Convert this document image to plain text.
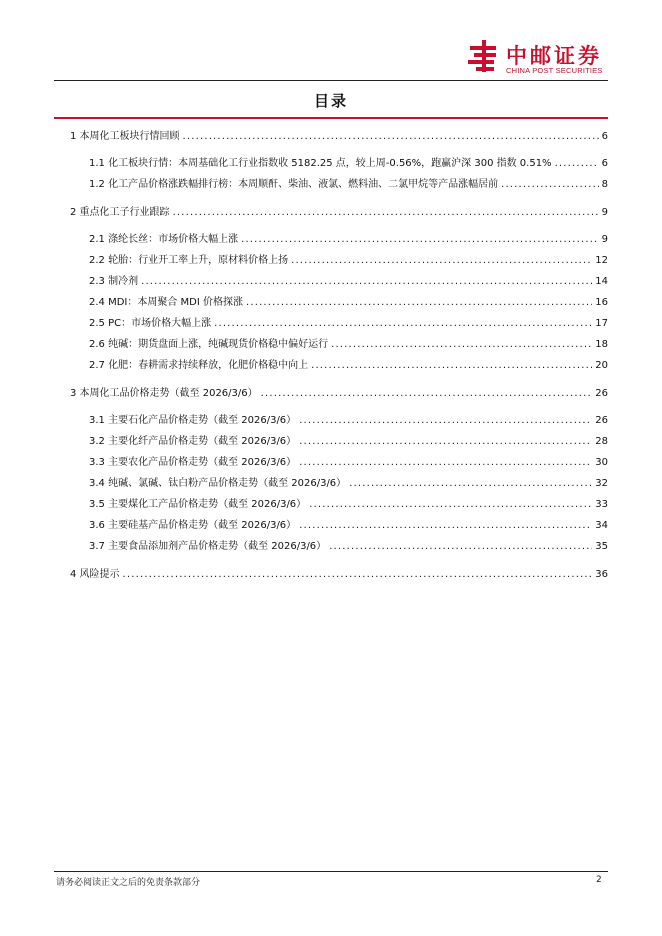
中邮证券
CHINA POST SECURITIES
目录
1 本周化工板块行情回顾 . . .	6
1.1 化工板块行情：本周基础化工行业指数收 5182.25 点，较上周-0.56%，跑赢沪深 300 指数 0.51% . . .	6
1.2 化工产品价格涨跌幅排行榜：本周顺酐、柴油、液氯、燃料油、二氯甲烷等产品涨幅居前 . . .	8
2 重点化工子行业跟踪 . . .	9
2.1 涤纶长丝：市场价格大幅上涨 . . .	9
2.2 轮胎：行业开工率上升，原材料价格上扬 . . .	12
2.3 制冷剂 . . .	14
2.4 MDI：本周聚合 MDI 价格探涨 . . .	16
2.5 PC：市场价格大幅上涨 . . .	17
2.6 纯碱：期货盘面上涨，纯碱现货价格稳中偏好运行 . . .	18
2.7 化肥：春耕需求持续释放，化肥价格稳中向上 . . .	20
3 本周化工品价格走势（截至 2026/3/6） . . .	26
3.1 主要石化产品价格走势（截至 2026/3/6） . . .	26
3.2 主要化纤产品价格走势（截至 2026/3/6） . . .	28
3.3 主要农化产品价格走势（截至 2026/3/6） . . .	30
3.4 纯碱、氯碱、钛白粉产品价格走势（截至 2026/3/6） . . .	32
3.5 主要煤化工产品价格走势（截至 2026/3/6） . . .	33
3.6 主要硅基产品价格走势（截至 2026/3/6） . . .	34
3.7 主要食品添加剂产品价格走势（截至 2026/3/6） . . .	35
4 风险提示 . . .	36
请务必阅读正文之后的免责条款部分	2
